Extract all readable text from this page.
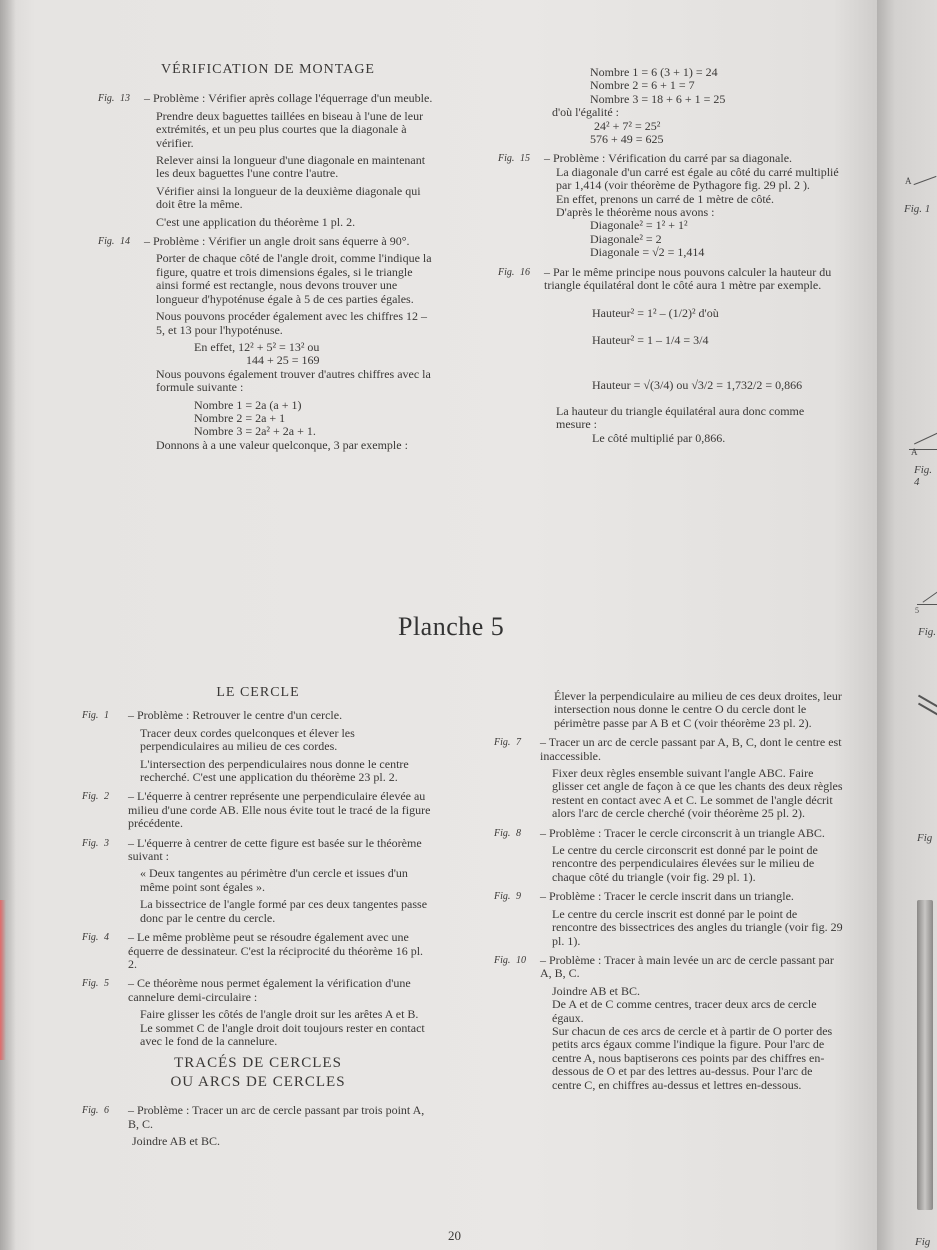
VÉRIFICATION DE MONTAGE
Fig. 13 – Problème : Vérifier après collage l'équerrage d'un meuble.

Prendre deux baguettes taillées en biseau à l'une de leur extrémités, et un peu plus courtes que la diagonale à vérifier.

Relever ainsi la longueur d'une diagonale en maintenant les deux baguettes l'une contre l'autre.

Vérifier ainsi la longueur de la deuxième diagonale qui doit être la même.

C'est une application du théorème 1 pl. 2.

Fig. 14 – Problème : Vérifier un angle droit sans équerre à 90°.

Porter de chaque côté de l'angle droit, comme l'indique la figure, quatre et trois dimensions égales, si le triangle ainsi formé est rectangle, nous devons trouver une longueur d'hypoténuse égale à 5 de ces parties égales.

Nous pouvons procéder également avec les chiffres 12 – 5, et 13 pour l'hypoténuse.

En effet, 12² + 5² = 13² ou

144 + 25 = 169

Nous pouvons également trouver d'autres chiffres avec la formule suivante :

Nombre 1 = 2a (a + 1)

Nombre 2 = 2a + 1

Nombre 3 = 2a² + 2a + 1.

Donnons à a une valeur quelconque, 3 par exemple :

Nombre 1 = 6 (3 + 1) = 24

Nombre 2 = 6 + 1 = 7

Nombre 3 = 18 + 6 + 1 = 25

d'où l'égalité :

24² + 7² = 25²

576 + 49 = 625

Fig. 15 – Problème : Vérification du carré par sa diagonale.

La diagonale d'un carré est égale au côté du carré multiplié par 1,414 (voir théorème de Pythagore fig. 29 pl. 2 ).

En effet, prenons un carré de 1 mètre de côté.

D'après le théorème nous avons :

Diagonale² = 1² + 1²

Diagonale² = 2

Diagonale = √2 = 1,414

Fig. 16 – Par le même principe nous pouvons calculer la hauteur du triangle équilatéral dont le côté aura 1 mètre par exemple.

Hauteur² = 1² – (1/2)² d'où

Hauteur² = 1 – 1/4 = 3/4

Hauteur = √(3/4) ou √3/2 = 1,732/2 = 0,866

La hauteur du triangle équilatéral aura donc comme mesure :

Le côté multiplié par 0,866.

Planche 5
LE CERCLE
Fig. 1 – Problème : Retrouver le centre d'un cercle.

Tracer deux cordes quelconques et élever les perpendiculaires au milieu de ces cordes.

L'intersection des perpendiculaires nous donne le centre recherché. C'est une application du théorème 23 pl. 2.

Fig. 2 – L'équerre à centrer représente une perpendiculaire élevée au milieu d'une corde AB. Elle nous évite tout le tracé de la figure précédente.

Fig. 3 – L'équerre à centrer de cette figure est basée sur le théorème suivant :

« Deux tangentes au périmètre d'un cercle et issues d'un même point sont égales ».

La bissectrice de l'angle formé par ces deux tangentes passe donc par le centre du cercle.

Fig. 4 – Le même problème peut se résoudre également avec une équerre de dessinateur. C'est la réciprocité du théorème 16 pl. 2.

Fig. 5 – Ce théorème nous permet également la vérification d'une cannelure demi-circulaire :

Faire glisser les côtés de l'angle droit sur les arêtes A et B. Le sommet C de l'angle droit doit toujours rester en contact avec le fond de la cannelure.

TRACÉS DE CERCLES
OU ARCS DE CERCLES
Fig. 6 – Problème : Tracer un arc de cercle passant par trois point A, B, C.

Joindre AB et BC.

Élever la perpendiculaire au milieu de ces deux droites, leur intersection nous donne le centre O du cercle dont le périmètre passe par A B et C (voir théorème 23 pl. 2).

Fig. 7 – Tracer un arc de cercle passant par A, B, C, dont le centre est inaccessible.

Fixer deux règles ensemble suivant l'angle ABC. Faire glisser cet angle de façon à ce que les chants des deux règles restent en contact avec A et C. Le sommet de l'angle décrit alors l'arc de cercle cherché (voir théorème 25 pl. 2).

Fig. 8 – Problème : Tracer le cercle circonscrit à un triangle ABC.

Le centre du cercle circonscrit est donné par le point de rencontre des perpendiculaires élevées sur le milieu de chaque côté du triangle (voir fig. 29 pl. 1).

Fig. 9 – Problème : Tracer le cercle inscrit dans un triangle.

Le centre du cercle inscrit est donné par le point de rencontre des bissectrices des angles du triangle (voir fig. 29 pl. 1).

Fig. 10 – Problème : Tracer à main levée un arc de cercle passant par A, B, C.

Joindre AB et BC.

De A et de C comme centres, tracer deux arcs de cercle égaux.

Sur chacun de ces arcs de cercle et à partir de O porter des petits arcs égaux comme l'indique la figure. Pour l'arc de centre A, nous baptiserons ces points par des chiffres en-dessous de O et par des lettres au-dessus. Pour l'arc de centre C, en chiffres au-dessus et lettres en-dessous.

20
A
Fig. 1
A
Fig. 4
5
Fig.
Fig
Fig
